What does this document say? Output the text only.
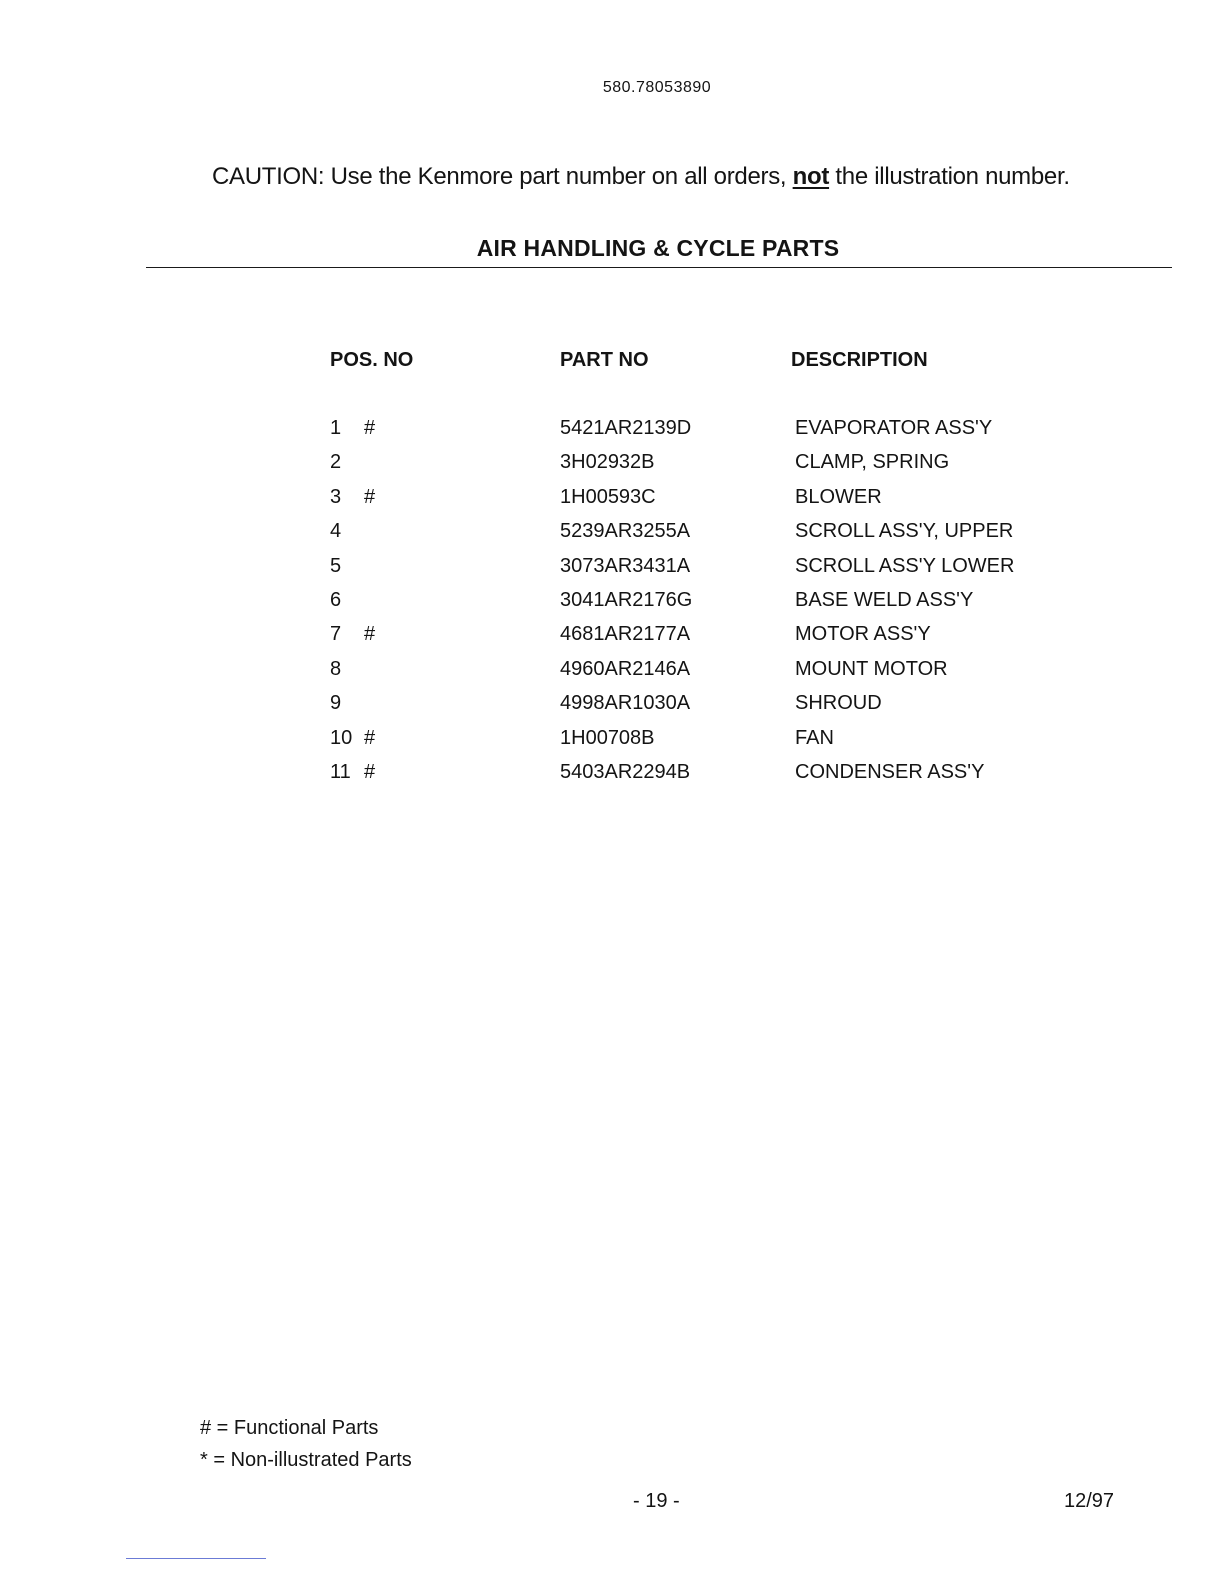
580.78053890
CAUTION: Use the Kenmore part number on all orders, not the illustration number.
AIR HANDLING & CYCLE PARTS
POS. NO	PART NO	DESCRIPTION
1 #	5421AR2139D	EVAPORATOR ASS'Y
2	3H02932B	CLAMP, SPRING
3 #	1H00593C	BLOWER
4	5239AR3255A	SCROLL ASS'Y, UPPER
5	3073AR3431A	SCROLL ASS'Y LOWER
6	3041AR2176G	BASE WELD ASS'Y
7 #	4681AR2177A	MOTOR ASS'Y
8	4960AR2146A	MOUNT MOTOR
9	4998AR1030A	SHROUD
10 #	1H00708B	FAN
11 #	5403AR2294B	CONDENSER ASS'Y
# = Functional Parts
* = Non-illustrated Parts
- 19 -	12/97
